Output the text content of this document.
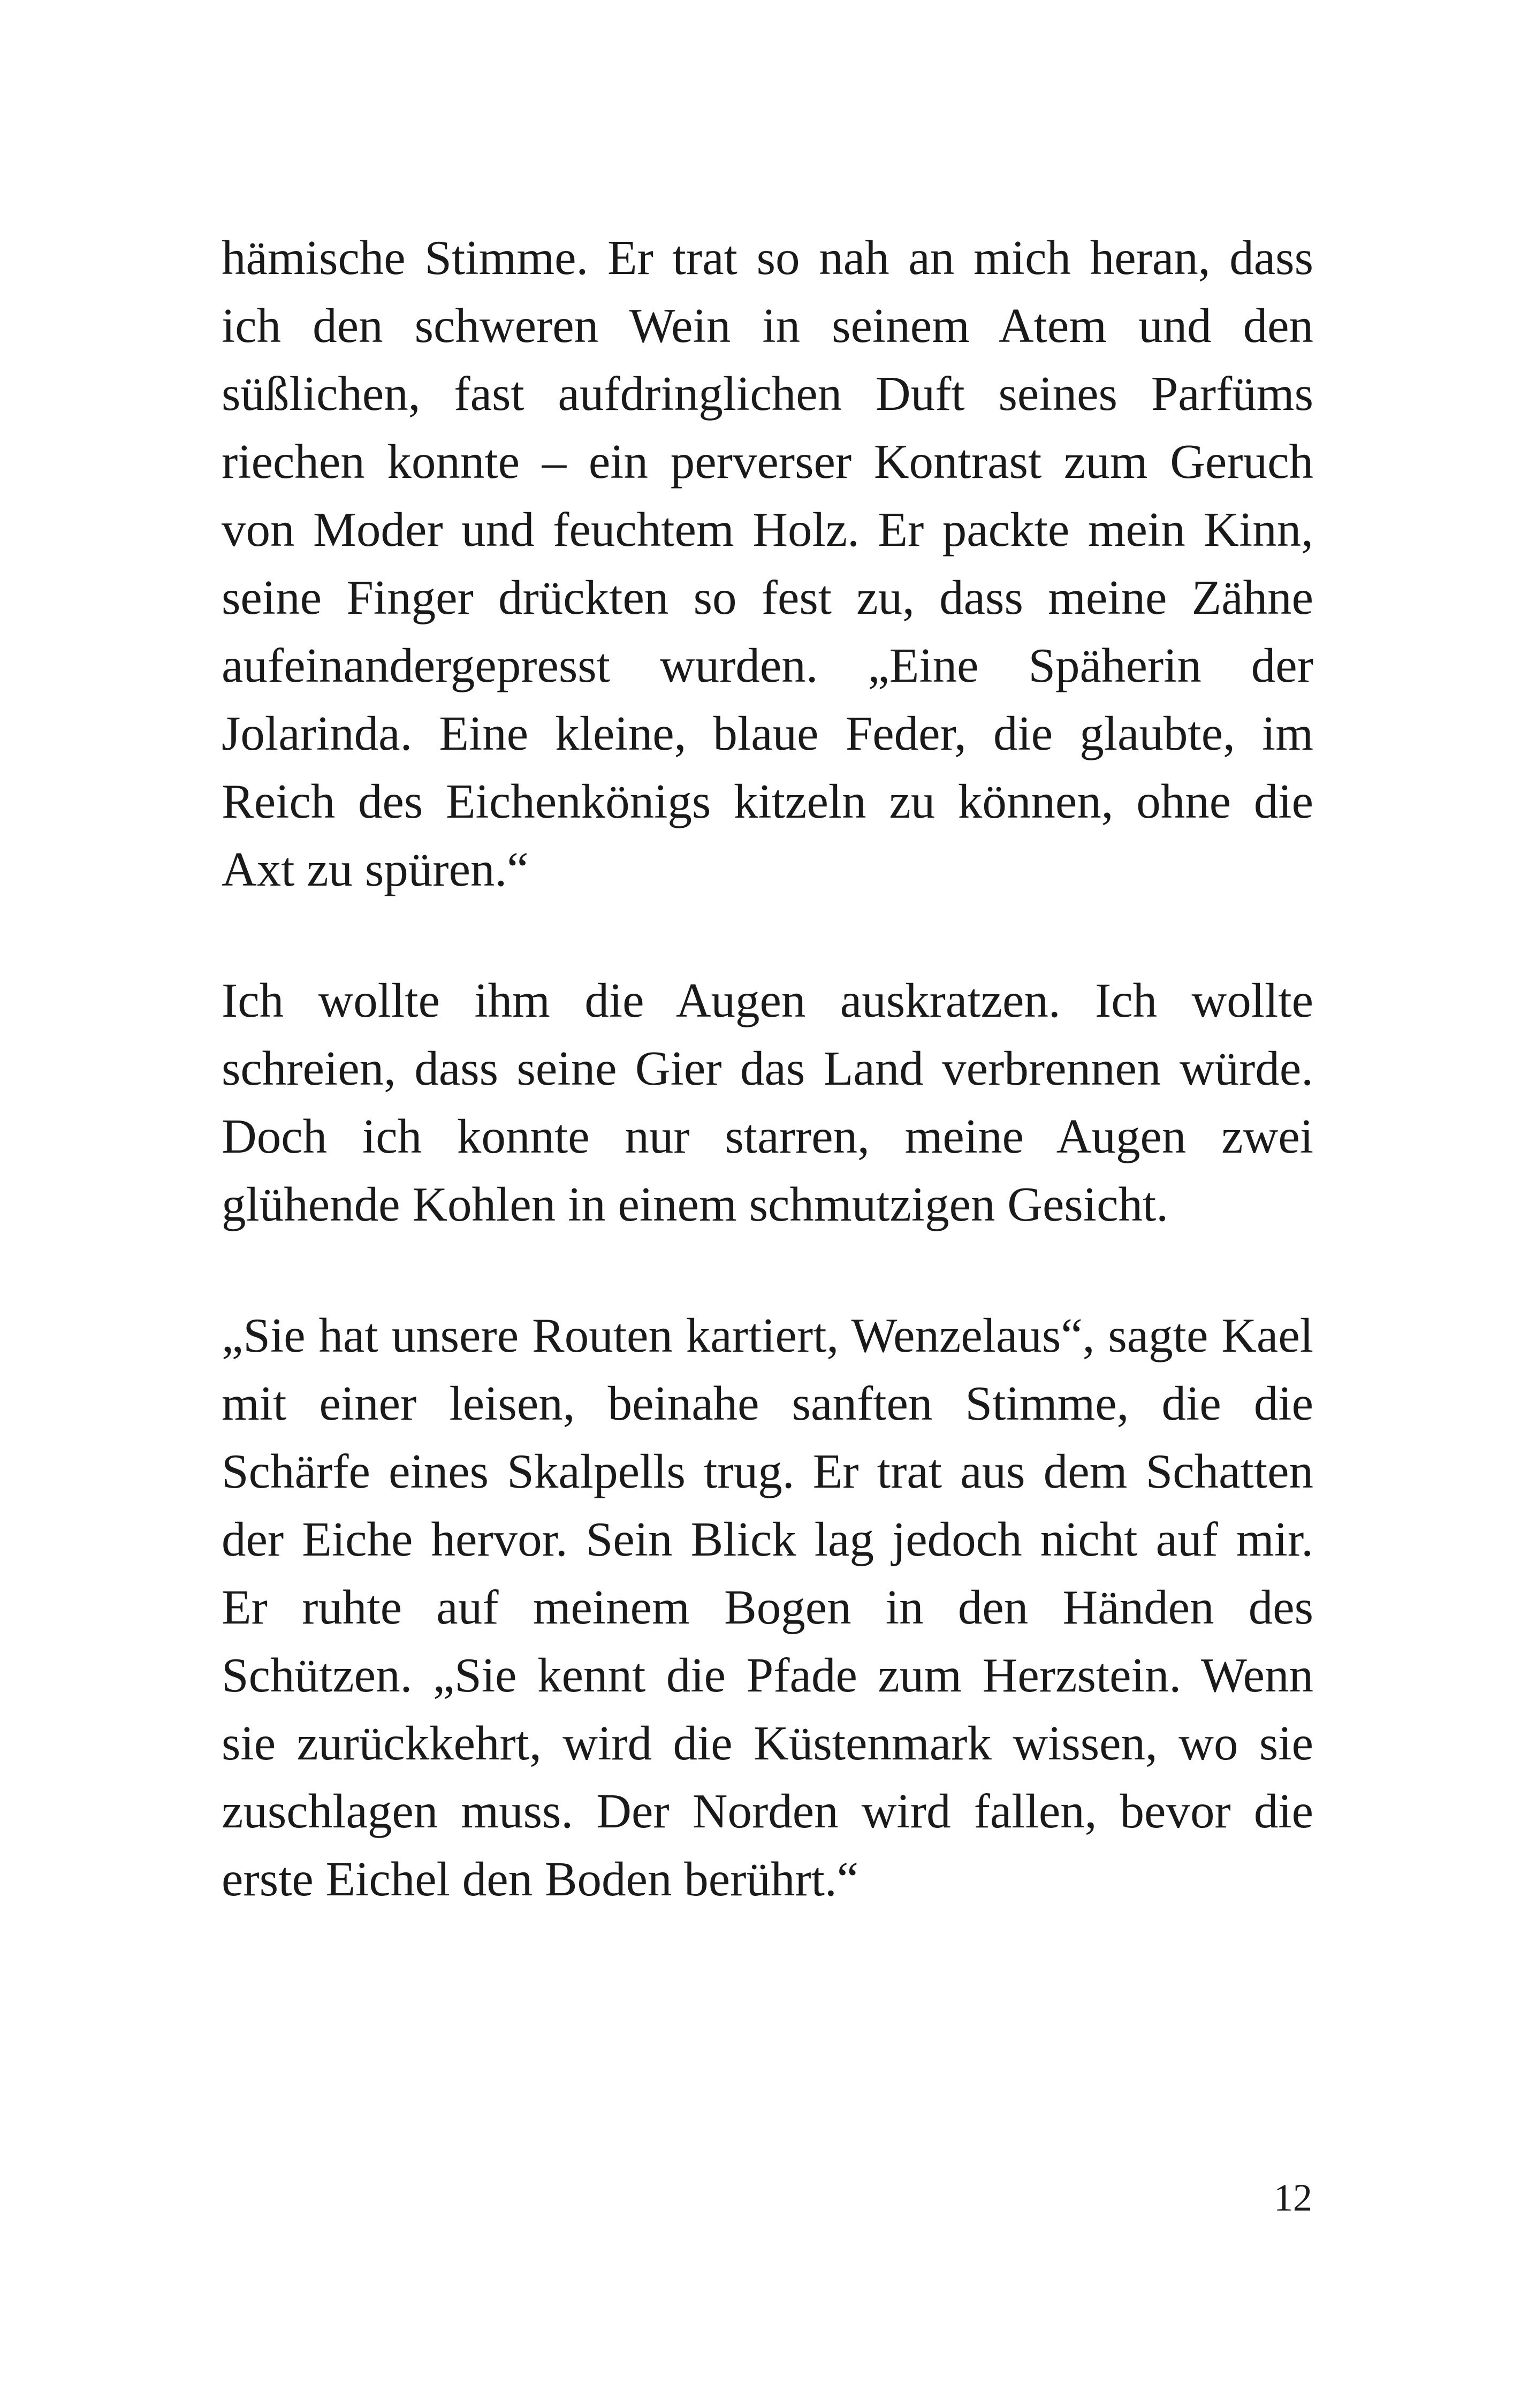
hämische Stimme. Er trat so nah an mich heran, dass ich den schweren Wein in seinem Atem und den süßlichen, fast aufdringlichen Duft seines Parfüms riechen konnte – ein perverser Kontrast zum Geruch von Moder und feuchtem Holz. Er packte mein Kinn, seine Finger drückten so fest zu, dass meine Zähne aufeinandergepresst wurden. „Eine Späherin der Jolarinda. Eine kleine, blaue Feder, die glaubte, im Reich des Eichenkönigs kitzeln zu können, ohne die Axt zu spüren.“

Ich wollte ihm die Augen auskratzen. Ich wollte schreien, dass seine Gier das Land verbrennen würde. Doch ich konnte nur starren, meine Augen zwei glühende Kohlen in einem schmutzigen Gesicht.

„Sie hat unsere Routen kartiert, Wenzelaus“, sagte Kael mit einer leisen, beinahe sanften Stimme, die die Schärfe eines Skalpells trug. Er trat aus dem Schatten der Eiche hervor. Sein Blick lag jedoch nicht auf mir. Er ruhte auf meinem Bogen in den Händen des Schützen. „Sie kennt die Pfade zum Herzstein. Wenn sie zurückkehrt, wird die Küstenmark wissen, wo sie zuschlagen muss. Der Norden wird fallen, bevor die erste Eichel den Boden berührt.“

12
